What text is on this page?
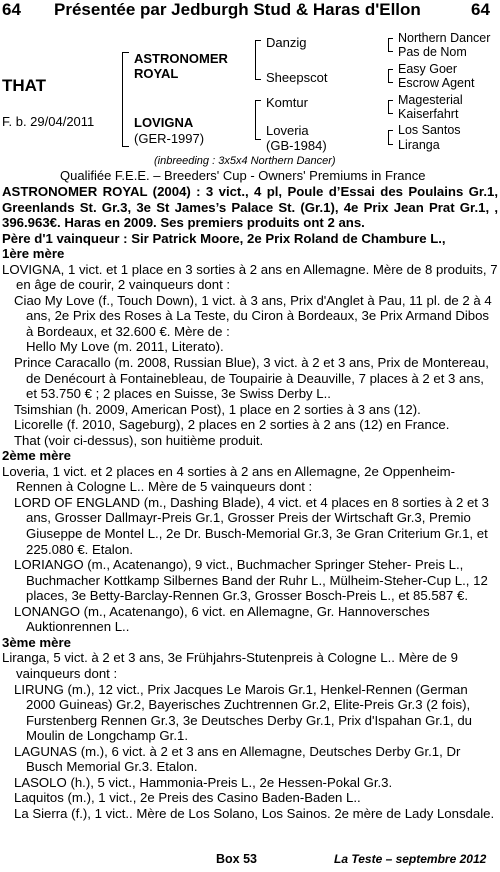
64 Présentée par Jedburgh Stud & Haras d'Ellon	64
THAT
F. b. 29/04/2011
ASTRONOMER
ROYAL
LOVIGNA
(GER-1997)
Danzig
Sheepscot
Komtur
Loveria
(GB-1984)
Northern Dancer
Pas de Nom
Easy Goer
Escrow Agent
Magesterial
Kaiserfahrt
Los Santos
Liranga
(inbreeding : 3x5x4 Northern Dancer)
Qualifiée F.E.E. – Breeders' Cup - Owners' Premiums in France

ASTRONOMER ROYAL (2004) : 3 vict., 4 pl, Poule d’Essai des Poulains Gr.1, Greenlands St. Gr.3, 3e St James’s Palace St. (Gr.1), 4e Prix Jean Prat Gr.1, , 396.963€. Haras en 2009. Ses premiers produits ont 2 ans.

Père d'1 vainqueur : Sir Patrick Moore, 2e Prix Roland de Chambure L.,

1ère mère

LOVIGNA, 1 vict. et 1 place en 3 sorties à 2 ans en Allemagne. Mère de 8 produits, 7 en âge de courir, 2 vainqueurs dont :

Ciao My Love (f., Touch Down), 1 vict. à 3 ans, Prix d'Anglet à Pau, 11 pl. de 2 à 4 ans, 2e Prix des Roses à La Teste, du Ciron à Bordeaux, 3e Prix Armand Dibos à Bordeaux, et 32.600 €. Mère de :

Hello My Love (m. 2011, Literato).

Prince Caracallo (m. 2008, Russian Blue), 3 vict. à 2 et 3 ans, Prix de Montereau, de Denécourt à Fontainebleau, de Toupairie à Deauville, 7 places à 2 et 3 ans, et 53.750 € ; 2 places en Suisse, 3e Swiss Derby L..

Tsimshian (h. 2009, American Post), 1 place en 2 sorties à 3 ans (12).

Licorelle (f. 2010, Sageburg), 2 places en 2 sorties à 2 ans (12) en France.

That (voir ci-dessus), son huitième produit.

2ème mère

Loveria, 1 vict. et 2 places en 4 sorties à 2 ans en Allemagne, 2e Oppenheim-Rennen à Cologne L.. Mère de 5 vainqueurs dont :

LORD OF ENGLAND (m., Dashing Blade), 4 vict. et 4 places en 8 sorties à 2 et 3 ans, Grosser Dallmayr-Preis Gr.1, Grosser Preis der Wirtschaft Gr.3, Premio Giuseppe de Montel L., 2e Dr. Busch-Memorial Gr.3, 3e Gran Criterium Gr.1, et 225.080 €. Etalon.

LORIANGO (m., Acatenango), 9 vict., Buchmacher Springer Steher- Preis L., Buchmacher Kottkamp Silbernes Band der Ruhr L., Mülheim-Steher-Cup L., 12 places, 3e Betty-Barclay-Rennen Gr.3, Grosser Bosch-Preis L., et 85.587 €.

LONANGO (m., Acatenango), 6 vict. en Allemagne, Gr. Hannoversches Auktionrennen L..

3ème mère

Liranga, 5 vict. à 2 et 3 ans, 3e Frühjahrs-Stutenpreis à Cologne L.. Mère de 9 vainqueurs dont :

LIRUNG (m.), 12 vict., Prix Jacques Le Marois Gr.1, Henkel-Rennen (German 2000 Guineas) Gr.2, Bayerisches Zuchtrennen Gr.2, Elite-Preis Gr.3 (2 fois), Furstenberg Rennen Gr.3, 3e Deutsches Derby Gr.1, Prix d'Ispahan Gr.1, du Moulin de Longchamp Gr.1.

LAGUNAS (m.), 6 vict. à 2 et 3 ans en Allemagne, Deutsches Derby Gr.1, Dr Busch Memorial Gr.3. Etalon.

LASOLO (h.), 5 vict., Hammonia-Preis L., 2e Hessen-Pokal Gr.3.

Laquitos (m.), 1 vict., 2e Preis des Casino Baden-Baden L..

La Sierra (f.), 1 vict.. Mère de Los Solano, Los Sainos. 2e mère de Lady Lonsdale.

Box 53	La Teste – septembre 2012
